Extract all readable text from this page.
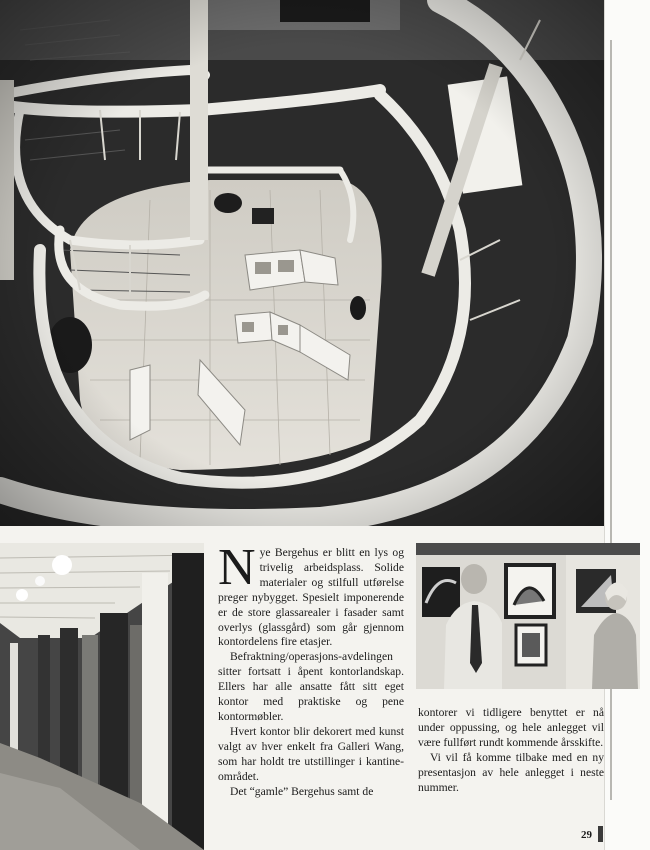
Nye Bergehus er blitt en lys og trivelig arbeidsplass. Solide materialer og stilfull utførelse preger nybygget. Spesielt imponerende er de store glassarealer i fasader samt overlys (glassgård) som går gjennom kontordelens fire etasjer.

Befraktning/operasjons-avdelingen sitter fortsatt i åpent kontorlandskap. Ellers har alle ansatte fått sitt eget kontor med praktiske og pene kontormøbler.

Hvert kontor blir dekorert med kunst valgt av hver enkelt fra Galleri Wang, som har holdt tre utstillinger i kantine-området.

Det “gamle” Bergehus samt de

kontorer vi tidligere benyttet er nå under oppussing, og hele anlegget vil være fullført rundt kommende årsskifte.

Vi vil få komme tilbake med en ny presentasjon av hele anlegget i neste nummer.

29
